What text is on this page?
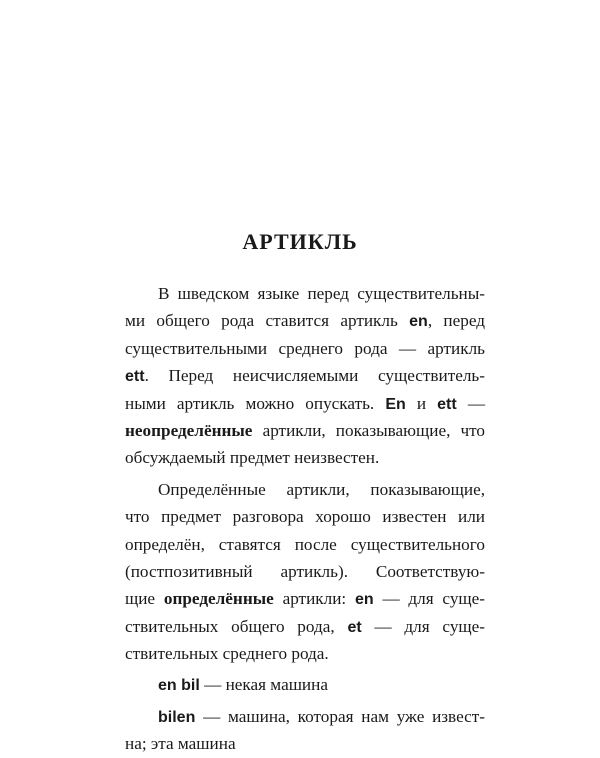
АРТИКЛЬ
В шведском языке перед существительны-
ми общего рода ставится артикль en, перед
существительными среднего рода — артикль
ett. Перед неисчисляемыми существитель-
ными артикль можно опускать. En и ett —
неопределённые артикли, показывающие, что
обсуждаемый предмет неизвестен.
Определённые артикли, показывающие,
что предмет разговора хорошо известен или
определён, ставятся после существительного
(постпозитивный артикль). Соответствую-
щие определённые артикли: en — для суще-
ствительных общего рода, et — для суще-
ствительных среднего рода.
en bil — некая машина
bilen — машина, которая нам уже извест-
на; эта машина
